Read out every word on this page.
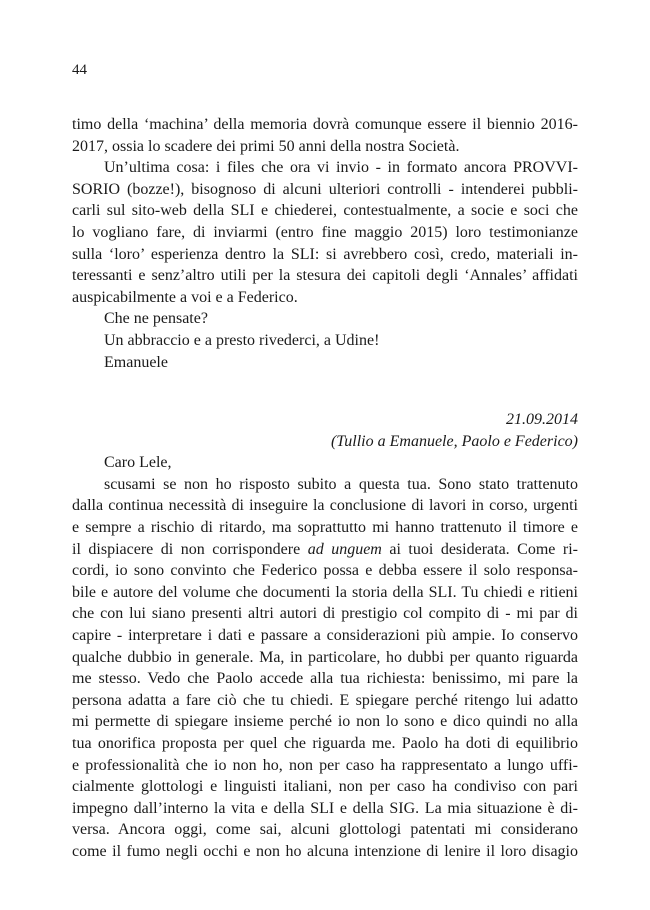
44
timo della ‘machina’ della memoria dovrà comunque essere il biennio 2016-
2017, ossia lo scadere dei primi 50 anni della nostra Società.
Un’ultima cosa: i files che ora vi invio - in formato ancora PROVVI-
SORIO (bozze!), bisognoso di alcuni ulteriori controlli - intenderei pubbli-
carli sul sito-web della SLI e chiederei, contestualmente, a socie e soci che
lo vogliano fare, di inviarmi (entro fine maggio 2015) loro testimonianze
sulla ‘loro’ esperienza dentro la SLI: si avrebbero così, credo, materiali in-
teressanti e senz’altro utili per la stesura dei capitoli degli ‘Annales’ affidati
auspicabilmente a voi e a Federico.
Che ne pensate?
Un abbraccio e a presto rivederci, a Udine!
Emanuele
21.09.2014
(Tullio a Emanuele, Paolo e Federico)
Caro Lele,
scusami se non ho risposto subito a questa tua. Sono stato trattenuto
dalla continua necessità di inseguire la conclusione di lavori in corso, urgenti
e sempre a rischio di ritardo, ma soprattutto mi hanno trattenuto il timore e
il dispiacere di non corrispondere ad unguem ai tuoi desiderata. Come ri-
cordi, io sono convinto che Federico possa e debba essere il solo responsa-
bile e autore del volume che documenti la storia della SLI. Tu chiedi e ritieni
che con lui siano presenti altri autori di prestigio col compito di - mi par di
capire - interpretare i dati e passare a considerazioni più ampie. Io conservo
qualche dubbio in generale. Ma, in particolare, ho dubbi per quanto riguarda
me stesso. Vedo che Paolo accede alla tua richiesta: benissimo, mi pare la
persona adatta a fare ciò che tu chiedi. E spiegare perché ritengo lui adatto
mi permette di spiegare insieme perché io non lo sono e dico quindi no alla
tua onorifica proposta per quel che riguarda me. Paolo ha doti di equilibrio
e professionalità che io non ho, non per caso ha rappresentato a lungo uffi-
cialmente glottologi e linguisti italiani, non per caso ha condiviso con pari
impegno dall’interno la vita e della SLI e della SIG. La mia situazione è di-
versa. Ancora oggi, come sai, alcuni glottologi patentati mi considerano
come il fumo negli occhi e non ho alcuna intenzione di lenire il loro disagio
